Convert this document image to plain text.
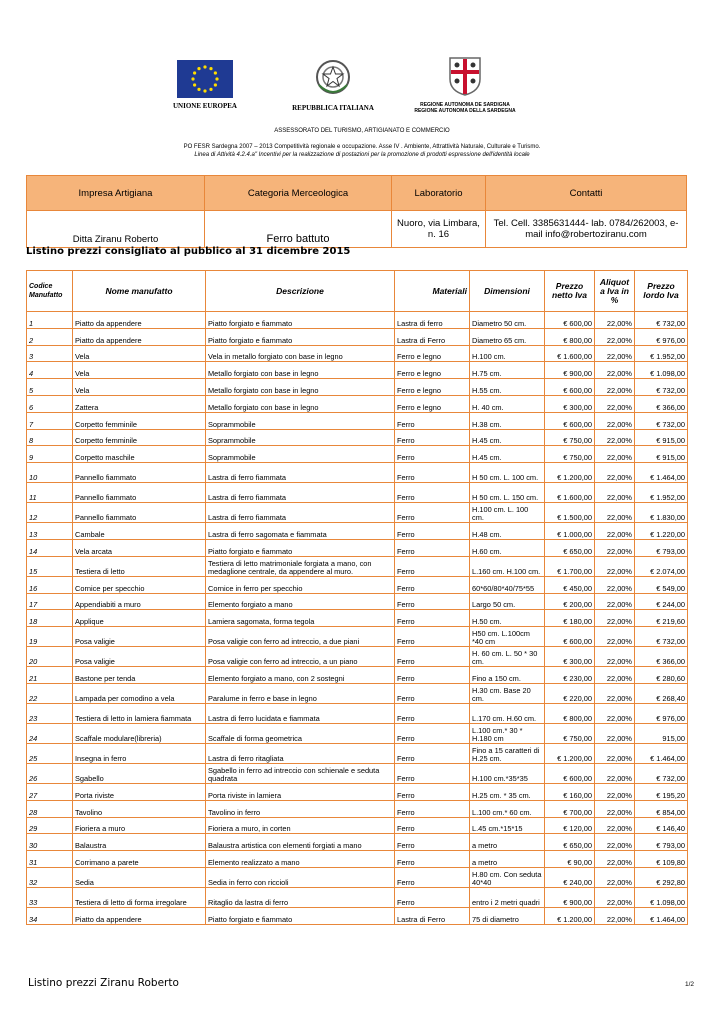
UNIONE EUROPEA	REPUBBLICA ITALIANA	REGIONE AUTONOMA DE SARDIGNA
REGIONE AUTONOMA DELLA SARDEGNA
ASSESSORATO DEL TURISMO, ARTIGIANATO E COMMERCIO
PO FESR Sardegna 2007 – 2013 Competitività regionale e occupazione. Asse IV . Ambiente, Attrattività Naturale, Culturale e Turismo.
Linea di Attività 4.2.4.a" Incentivi per la realizzazione di postazioni per la promozione di prodotti espressione dell'identità locale
Impresa Artigiana	Categoria Merceologica	Laboratorio	Contatti
Ditta Ziranu Roberto	Ferro battuto	Nuoro, via Limbara, n. 16	Tel. Cell. 3385631444- lab. 0784/262003, e-mail info@robertoziranu.com
Listino prezzi consigliato al pubblico al 31 dicembre 2015
Codice Manufatto	Nome manufatto	Descrizione	Materiali	Dimensioni	Prezzo netto Iva	Aliquot a Iva in %	Prezzo lordo Iva
1	Piatto da appendere	Piatto forgiato e fiammato	Lastra di ferro	Diametro 50 cm.	€ 600,00	22,00%	€ 732,00
2	Piatto da appendere	Piatto forgiato e fiammato	Lastra di Ferro	Diametro 65 cm.	€ 800,00	22,00%	€ 976,00
3	Vela	Vela in metallo forgiato con base in legno	Ferro e legno	H.100 cm.	€ 1.600,00	22,00%	€ 1.952,00
4	Vela	Metallo forgiato con base in legno	Ferro e legno	H.75 cm.	€ 900,00	22,00%	€ 1.098,00
5	Vela	Metallo forgiato con base in legno	Ferro e legno	H.55 cm.	€ 600,00	22,00%	€ 732,00
6	Zattera	Metallo forgiato con base in legno	Ferro e legno	H. 40 cm.	€ 300,00	22,00%	€ 366,00
7	Corpetto femminile	Soprammobile	Ferro	H.38 cm.	€ 600,00	22,00%	€ 732,00
8	Corpetto femminile	Soprammobile	Ferro	H.45 cm.	€ 750,00	22,00%	€ 915,00
9	Corpetto maschile	Soprammobile	Ferro	H.45 cm.	€ 750,00	22,00%	€ 915,00
10	Pannello fiammato	Lastra di ferro fiammata	Ferro	H 50 cm. L. 100 cm.	€ 1.200,00	22,00%	€ 1.464,00
11	Pannello fiammato	Lastra di ferro fiammata	Ferro	H 50 cm. L. 150 cm.	€ 1.600,00	22,00%	€ 1.952,00
12	Pannello fiammato	Lastra di ferro fiammata	Ferro	H.100 cm. L. 100 cm.	€ 1.500,00	22,00%	€ 1.830,00
13	Cambale	Lastra di ferro sagomata e fiammata	Ferro	H.48 cm.	€ 1.000,00	22,00%	€ 1.220,00
14	Vela arcata	Piatto forgiato e fiammato	Ferro	H.60 cm.	€ 650,00	22,00%	€ 793,00
15	Testiera di letto	Testiera di letto matrimoniale forgiata a mano, con medaglione centrale, da appendere al muro.	Ferro	L.160 cm. H.100 cm.	€ 1.700,00	22,00%	€ 2.074,00
16	Cornice per specchio	Cornice in ferro per specchio	Ferro	60*60/80*40/75*55	€ 450,00	22,00%	€ 549,00
17	Appendiabiti a muro	Elemento forgiato a mano	Ferro	Largo 50 cm.	€ 200,00	22,00%	€ 244,00
18	Applique	Lamiera sagomata, forma tegola	Ferro	H.50 cm.	€ 180,00	22,00%	€ 219,60
19	Posa valigie	Posa valigie con ferro ad intreccio, a due piani	Ferro	H50 cm. L.100cm *40 cm	€ 600,00	22,00%	€ 732,00
20	Posa valigie	Posa valigie con ferro ad intreccio, a un piano	Ferro	H. 60 cm. L. 50 * 30 cm.	€ 300,00	22,00%	€ 366,00
21	Bastone per tenda	Elemento forgiato a mano, con 2 sostegni	Ferro	Fino a 150 cm.	€ 230,00	22,00%	€ 280,60
22	Lampada per comodino a vela	Paralume in ferro e base in legno	Ferro	H.30 cm. Base 20 cm.	€ 220,00	22,00%	€ 268,40
23	Testiera di letto in lamiera fiammata	Lastra di ferro lucidata e fiammata	Ferro	L.170 cm. H.60 cm.	€ 800,00	22,00%	€ 976,00
24	Scaffale modulare(libreria)	Scaffale di forma geometrica	Ferro	L.100 cm.* 30 * H.180 cm	€ 750,00	22,00%	915,00
25	Insegna in ferro	Lastra di ferro ritagliata	Ferro	Fino a 15 caratteri di H.25 cm.	€ 1.200,00	22,00%	€ 1.464,00
26	Sgabello	Sgabello in ferro ad intreccio con schienale e seduta quadrata	Ferro	H.100 cm.*35*35	€ 600,00	22,00%	€ 732,00
27	Porta riviste	Porta riviste in lamiera	Ferro	H.25 cm. * 35 cm.	€ 160,00	22,00%	€ 195,20
28	Tavolino	Tavolino in ferro	Ferro	L.100 cm.* 60 cm.	€ 700,00	22,00%	€ 854,00
29	Fioriera a muro	Fioriera a muro, in corten	Ferro	L.45 cm.*15*15	€ 120,00	22,00%	€ 146,40
30	Balaustra	Balaustra artistica con elementi forgiati a mano	Ferro	a metro	€ 650,00	22,00%	€ 793,00
31	Corrimano a parete	Elemento realizzato a mano	Ferro	a metro	€ 90,00	22,00%	€ 109,80
32	Sedia	Sedia in ferro con riccioli	Ferro	H.80 cm. Con seduta 40*40	€ 240,00	22,00%	€ 292,80
33	Testiera di letto di forma irregolare	Ritaglio da lastra di ferro	Ferro	entro i 2 metri quadri	€ 900,00	22,00%	€ 1.098,00
34	Piatto da appendere	Piatto forgiato e fiammato	Lastra di Ferro	75 di diametro	€ 1.200,00	22,00%	€ 1.464,00
Listino prezzi Ziranu Roberto	1/2
